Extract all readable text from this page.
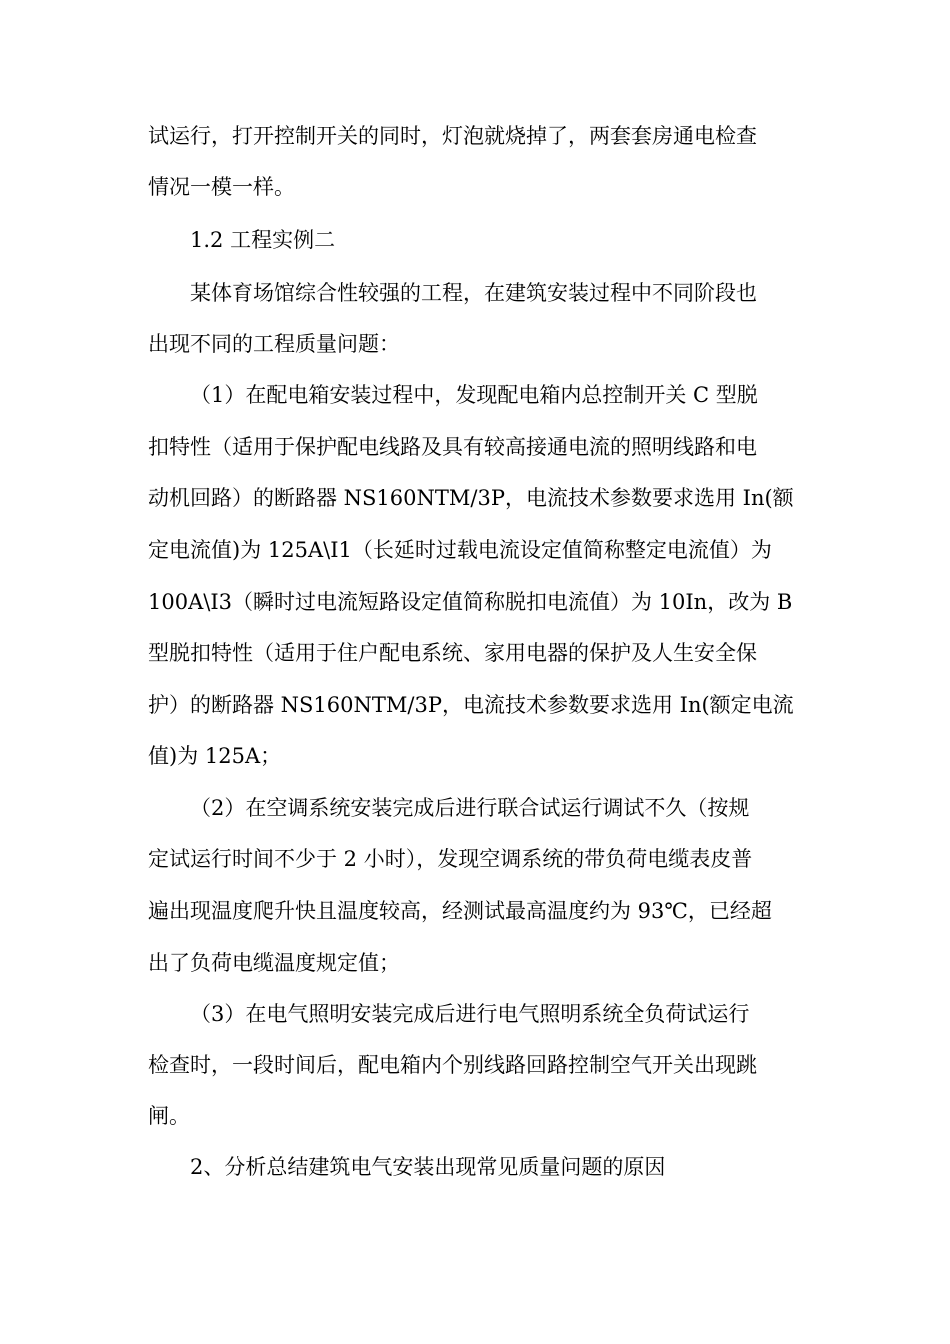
试运行，打开控制开关的同时，灯泡就烧掉了，两套套房通电检查
情况一模一样。
1.2 工程实例二
某体育场馆综合性较强的工程，在建筑安装过程中不同阶段也
出现不同的工程质量问题：
（1）在配电箱安装过程中，发现配电箱内总控制开关 C 型脱
扣特性（适用于保护配电线路及具有较高接通电流的照明线路和电
动机回路）的断路器 NS160NTM/3P，电流技术参数要求选用 In(额
定电流值)为 125A\I1（长延时过载电流设定值简称整定电流值）为
100A\I3（瞬时过电流短路设定值简称脱扣电流值）为 10In，改为 B
型脱扣特性（适用于住户配电系统、家用电器的保护及人生安全保
护）的断路器 NS160NTM/3P，电流技术参数要求选用 In(额定电流
值)为 125A；
（2）在空调系统安装完成后进行联合试运行调试不久（按规
定试运行时间不少于 2 小时），发现空调系统的带负荷电缆表皮普
遍出现温度爬升快且温度较高，经测试最高温度约为 93℃，已经超
出了负荷电缆温度规定值；
（3）在电气照明安装完成后进行电气照明系统全负荷试运行
检查时，一段时间后，配电箱内个别线路回路控制空气开关出现跳
闸。
2、分析总结建筑电气安装出现常见质量问题的原因
